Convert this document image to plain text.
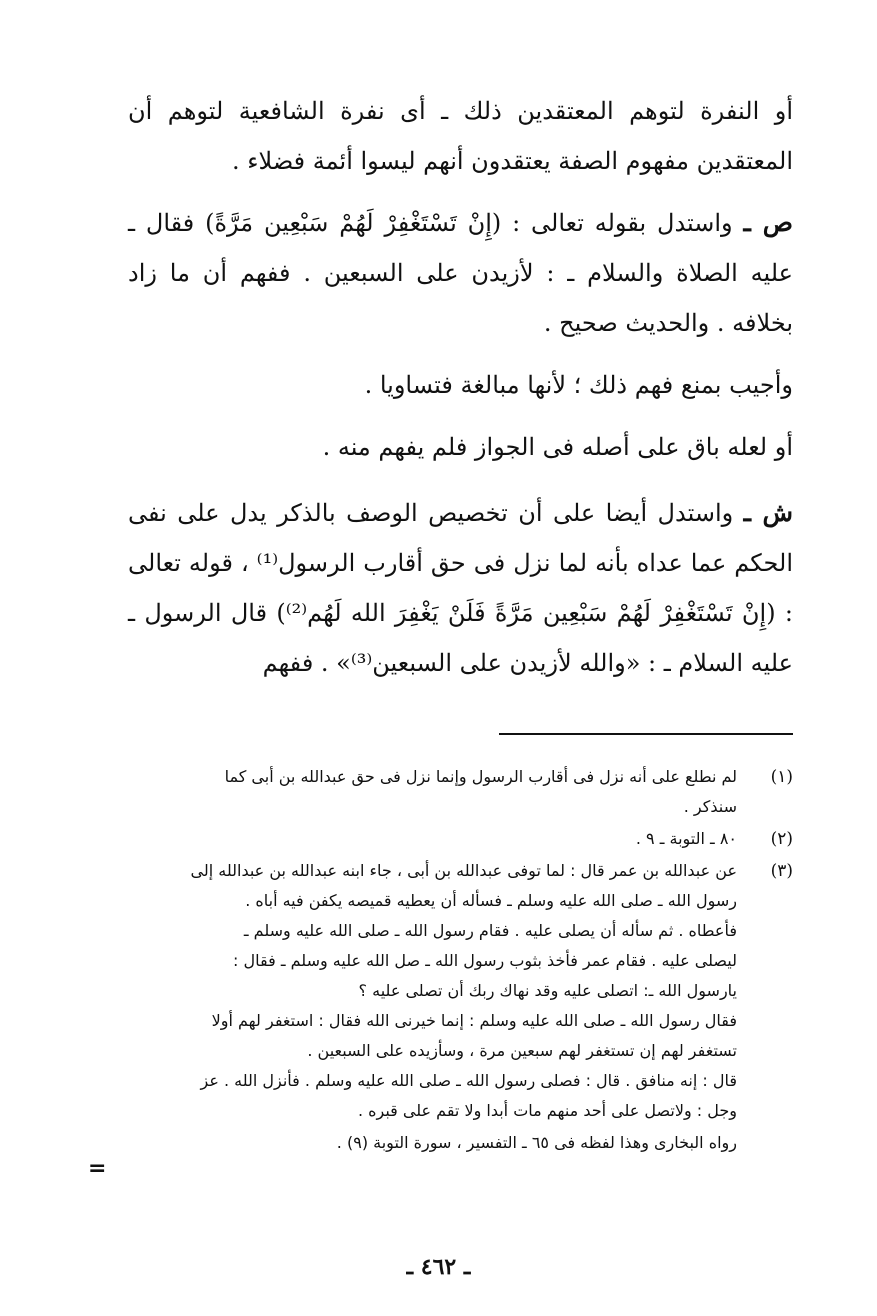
أو النفرة لتوهم المعتقدين ذلك ـ أى نفرة الشافعية لتوهم أن المعتقدين مفهوم الصفة يعتقدون أنهم ليسوا أئمة فضلاء .

ص ـ واستدل بقوله تعالى : (إِنْ تَسْتَغْفِرْ لَهُمْ سَبْعِين مَرَّةً) فقال ـ عليه الصلاة والسلام ـ : لأزيدن على السبعين . ففهم أن ما زاد بخلافه . والحديث صحيح .

وأجيب بمنع فهم ذلك ؛ لأنها مبالغة فتساويا .

أو لعله باق على أصله فى الجواز فلم يفهم منه .

ش ـ واستدل أيضا على أن تخصيص الوصف بالذكر يدل على نفى الحكم عما عداه بأنه لما نزل فى حق أقارب الرسول⁽¹⁾ ، قوله تعالى : (إِنْ تَسْتَغْفِرْ لَهُمْ سَبْعِين مَرَّةً فَلَنْ يَغْفِرَ الله لَهُم⁽²⁾) قال الرسول ـ عليه السلام ـ : «والله لأزيدن على السبعين⁽³⁾» . ففهم

(١)
لم نطلع على أنه نزل فى أقارب الرسول وإنما نزل فى حق عبدالله بن أبى كما
سنذكر .
(٢)
٨٠ ـ التوبة ـ ٩ .
(٣)
عن عبدالله بن عمر قال : لما توفى عبدالله بن أبى ، جاء ابنه عبدالله بن عبدالله إلى
رسول الله ـ صلى الله عليه وسلم ـ فسأله أن يعطيه قميصه يكفن فيه أباه .
فأعطاه . ثم سأله أن يصلى عليه . فقام رسول الله ـ صلى الله عليه وسلم ـ
ليصلى عليه . فقام عمر فأخذ بثوب رسول الله ـ صل الله عليه وسلم ـ فقال :
يارسول الله ـ: اتصلى عليه وقد نهاك ربك أن تصلى عليه ؟
فقال رسول الله ـ صلى الله عليه وسلم : إنما خيرنى الله فقال : استغفر لهم أولا
تستغفر لهم إن تستغفر لهم سبعين مرة ، وسأزيده على السبعين .
قال : إنه منافق . قال : فصلى رسول الله ـ صلى الله عليه وسلم . فأنزل الله . عز
وجل : ولاتصل على أحد منهم مات أبدا ولا تقم على قبره .
رواه البخارى وهذا لفظه فى ٦٥ ـ التفسير ، سورة التوبة (٩) .
=
ـ ٤٦٢ ـ
